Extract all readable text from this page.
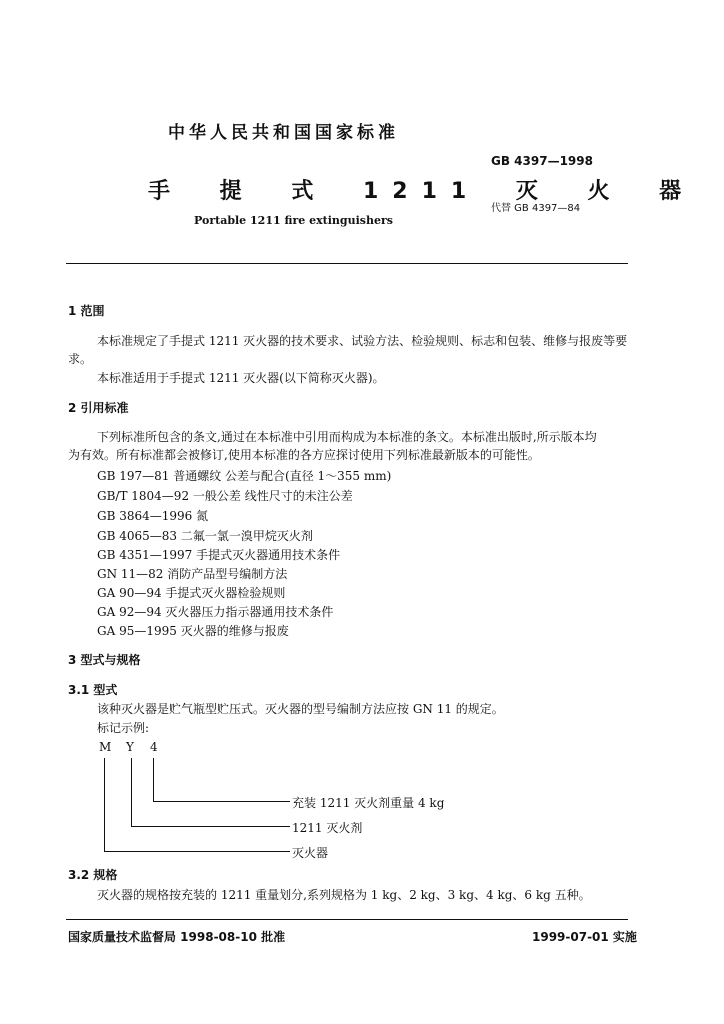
中华人民共和国国家标准
GB 4397—1998
手 提 式 1211 灭 火 器
代替 GB 4397—84
Portable 1211 fire extinguishers
1 范围
本标准规定了手提式 1211 灭火器的技术要求、试验方法、检验规则、标志和包装、维修与报废等要
求。
本标准适用于手提式 1211 灭火器(以下简称灭火器)。
2 引用标准
下列标准所包含的条文,通过在本标准中引用而构成为本标准的条文。本标准出版时,所示版本均
为有效。所有标准都会被修订,使用本标准的各方应探讨使用下列标准最新版本的可能性。
GB 197—81 普通螺纹 公差与配合(直径 1～355 mm)
GB/T 1804—92 一般公差 线性尺寸的未注公差
GB 3864—1996 氮
GB 4065—83 二氟一氯一溴甲烷灭火剂
GB 4351—1997 手提式灭火器通用技术条件
GN 11—82 消防产品型号编制方法
GA 90—94 手提式灭火器检验规则
GA 92—94 灭火器压力指示器通用技术条件
GA 95—1995 灭火器的维修与报废
3 型式与规格
3.1 型式
该种灭火器是贮气瓶型贮压式。灭火器的型号编制方法应按 GN 11 的规定。
标记示例:
M Y 4
充装 1211 灭火剂重量 4 kg
1211 灭火剂
灭火器
3.2 规格
灭火器的规格按充装的 1211 重量划分,系列规格为 1 kg、2 kg、3 kg、4 kg、6 kg 五种。
国家质量技术监督局 1998-08-10 批准	1999-07-01 实施
